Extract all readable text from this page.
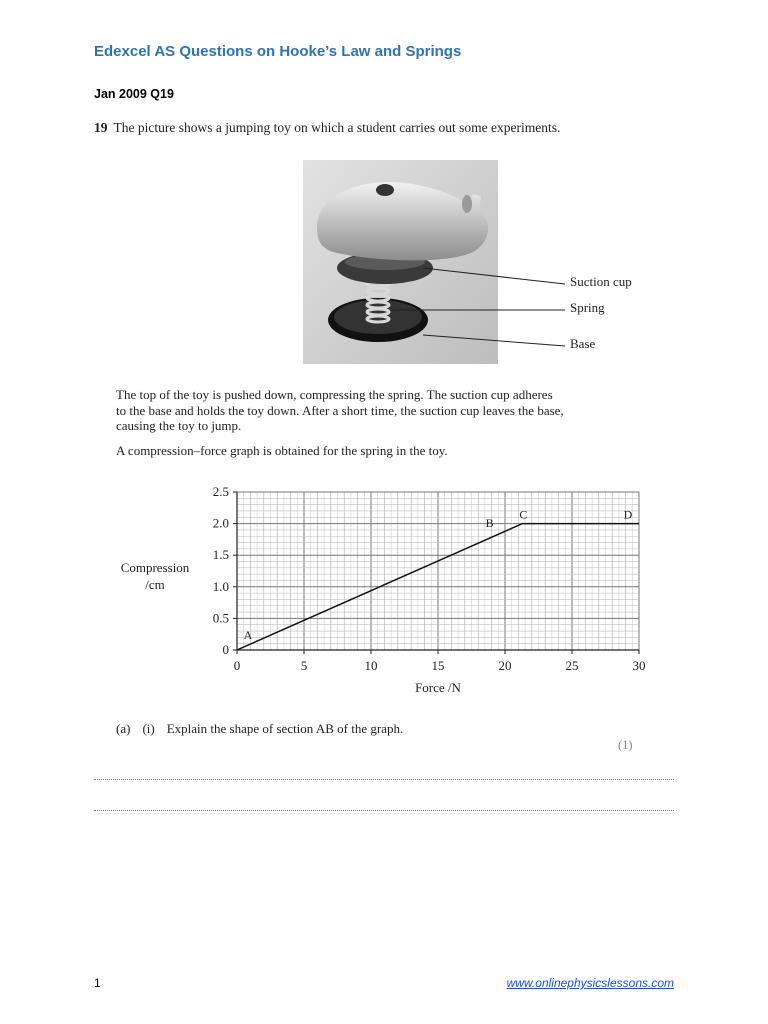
Edexcel AS Questions on Hooke’s Law and Springs
Jan 2009 Q19
19 The picture shows a jumping toy on which a student carries out some experiments.
Suction cup
Spring
Base
The top of the toy is pushed down, compressing the spring. The suction cup adheres
to the base and holds the toy down. After a short time, the suction cup leaves the base,
causing the toy to jump.
A compression–force graph is obtained for the spring in the toy.
Compression
/cm
0	5	10	15	20	25	30
0
0.5
1.0
1.5
2.0
2.5
Force /N
A
B
C	D
(a) (i) Explain the shape of section AB of the graph.
(1)
1	www.onlinephysicslessons.com
